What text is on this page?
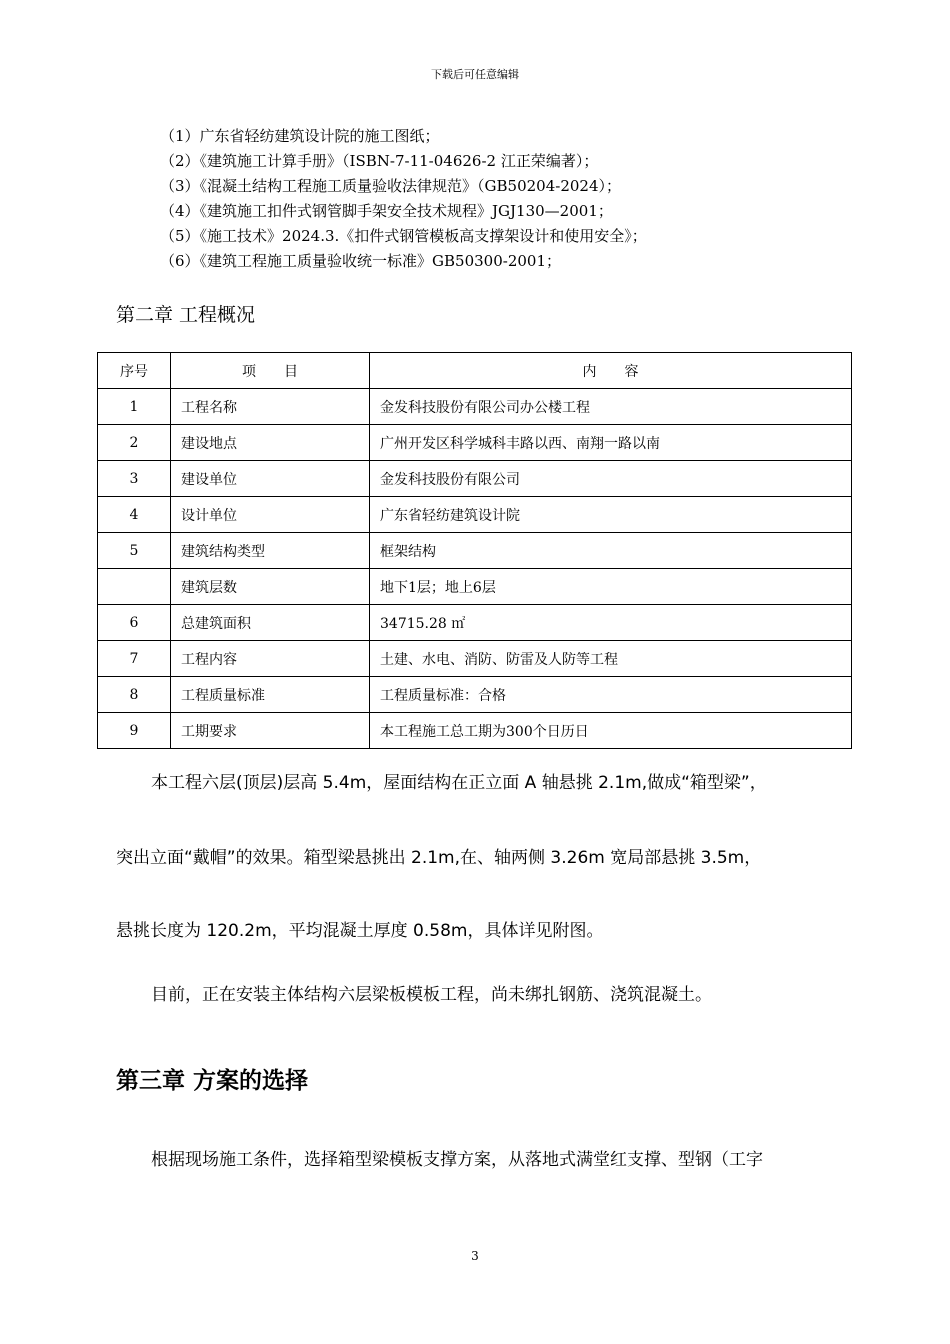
下载后可任意编辑
（1）广东省轻纺建筑设计院的施工图纸；
（2）《建筑施工计算手册》（ISBN-7-11-04626-2 江正荣编著）；
（3）《混凝土结构工程施工质量验收法律规范》（GB50204-2024）；
（4）《建筑施工扣件式钢管脚手架安全技术规程》JGJ130—2001；
（5）《施工技术》2024.3.《扣件式钢管模板高支撑架设计和使用安全》；
（6）《建筑工程施工质量验收统一标准》GB50300-2001；
第二章 工程概况
序号	项　　目	内　　容
1	工程名称	金发科技股份有限公司办公楼工程
2	建设地点	广州开发区科学城科丰路以西、南翔一路以南
3	建设单位	金发科技股份有限公司
4	设计单位	广东省轻纺建筑设计院
5	建筑结构类型	框架结构
	建筑层数	地下1层；地上6层
6	总建筑面积	34715.28 ㎡
7	工程内容	土建、水电、消防、防雷及人防等工程
8	工程质量标准	工程质量标准：合格
9	工期要求	本工程施工总工期为300个日历日
本工程六层(顶层)层高 5.4m，屋面结构在正立面 A 轴悬挑 2.1m,做成“箱型梁”，
突出立面“戴帽”的效果。箱型梁悬挑出 2.1m,在、轴两侧 3.26m 宽局部悬挑 3.5m，
悬挑长度为 120.2m，平均混凝土厚度 0.58m，具体详见附图。
目前，正在安装主体结构六层梁板模板工程，尚未绑扎钢筋、浇筑混凝土。
第三章 方案的选择
根据现场施工条件，选择箱型梁模板支撑方案，从落地式满堂红支撑、型钢（工字
3
